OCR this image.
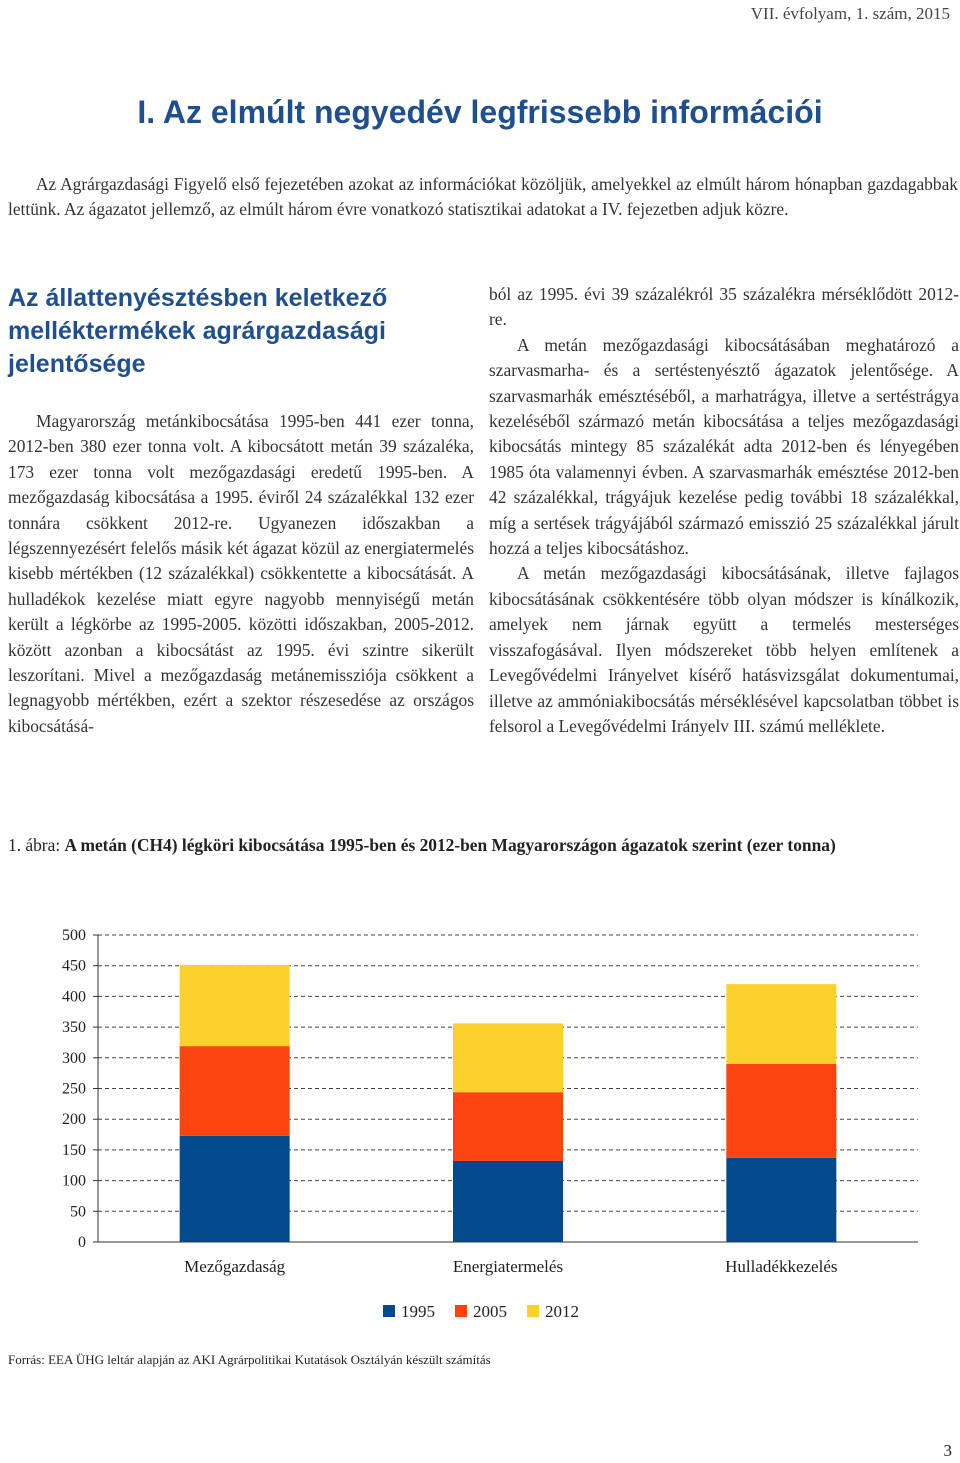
VII. évfolyam, 1. szám, 2015
I. Az elmúlt negyedév legfrissebb információi

Az Agrárgazdasági Figyelő első fejezetében azokat az információkat közöljük, amelyekkel az elmúlt három hónapban gazdagabbak lettünk. Az ágazatot jellemző, az elmúlt három évre vonatkozó statisztikai adatokat a IV. fejezetben adjuk közre.

Az állattenyésztésben keletkező melléktermékek agrárgazdasági jelentősége

Magyarország metánkibocsátása 1995-ben 441 ezer tonna, 2012-ben 380 ezer tonna volt. A kibocsátott metán 39 százaléka, 173 ezer tonna volt mezőgazdasági eredetű 1995-ben. A mezőgazdaság kibocsátása a 1995. éviről 24 százalékkal 132 ezer tonnára csökkent 2012-re. Ugyanezen időszakban a légszennyezésért felelős másik két ágazat közül az energiatermelés kisebb mértékben (12 százalékkal) csökkentette a kibocsátását. A hulladékok kezelése miatt egyre nagyobb mennyiségű metán került a légkörbe az 1995-2005. közötti időszakban, 2005-2012. között azonban a kibocsátást az 1995. évi szintre sikerült leszorítani. Mivel a mezőgazdaság metánemissziója csökkent a legnagyobb mértékben, ezért a szektor részesedése az országos kibocsátásá-

ból az 1995. évi 39 százalékról 35 százalékra mérséklődött 2012-re.

A metán mezőgazdasági kibocsátásában meghatározó a szarvasmarha- és a sertéstenyésztő ágazatok jelentősége. A szarvasmarhák emésztéséből, a marhatrágya, illetve a sertéstrágya kezeléséből származó metán kibocsátása a teljes mezőgazdasági kibocsátás mintegy 85 százalékát adta 2012-ben és lényegében 1985 óta valamennyi évben. A szarvasmarhák emésztése 2012-ben 42 százalékkal, trágyájuk kezelése pedig további 18 százalékkal, míg a sertések trágyájából származó emisszió 25 százalékkal járult hozzá a teljes kibocsátáshoz.

A metán mezőgazdasági kibocsátásának, illetve fajlagos kibocsátásának csökkentésére több olyan módszer is kínálkozik, amelyek nem járnak együtt a termelés mesterséges visszafogásával. Ilyen módszereket több helyen említenek a Levegővédelmi Irányelvet kísérő hatásvizsgálat dokumentumai, illetve az ammóniakibocsátás mérséklésével kapcsolatban többet is felsorol a Levegővédelmi Irányelv III. számú melléklete.

1. ábra: A metán (CH4) légköri kibocsátása 1995-ben és 2012-ben Magyarországon ágazatok szerint (ezer tonna)
0
50
100
150
200
250
300
350
400
450
500
Mezőgazdaság	Energiatermelés	Hulladékkezelés
1995 2005 2012
Forrás: EEA ÜHG leltár alapján az AKI Agrárpolitikai Kutatások Osztályán készült számítás
3
